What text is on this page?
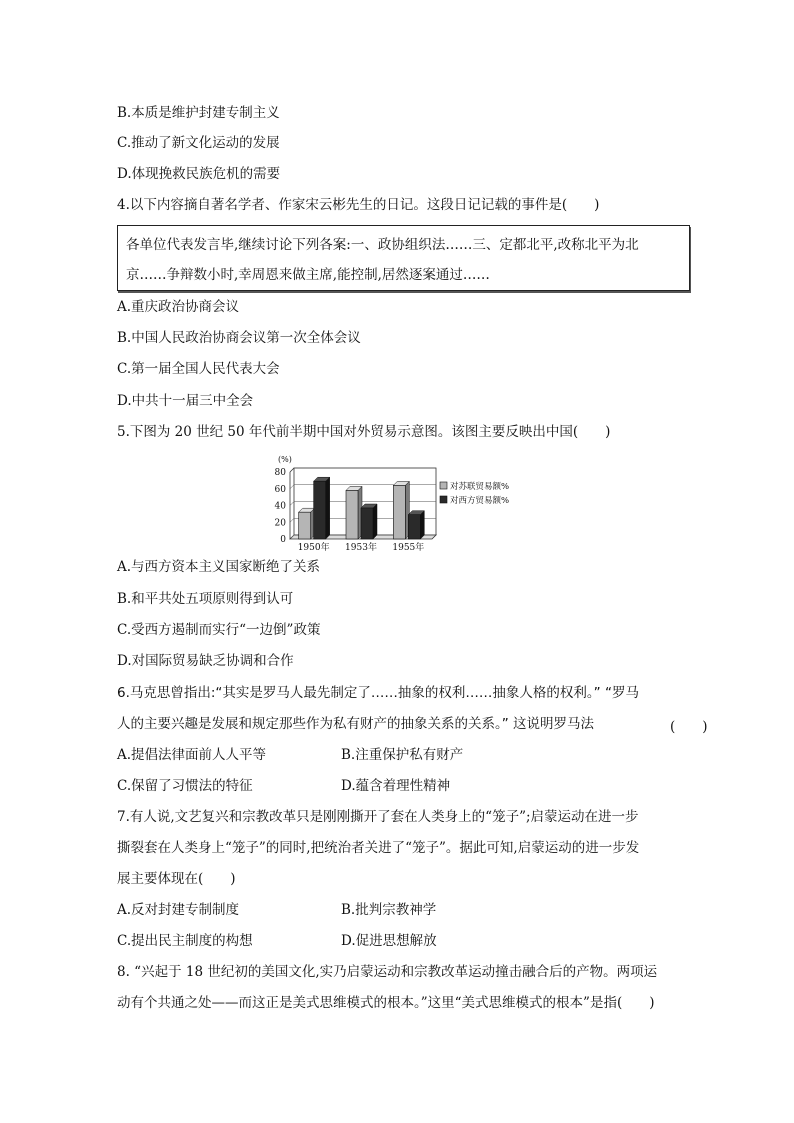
B.本质是维护封建专制主义
C.推动了新文化运动的发展
D.体现挽救民族危机的需要
4.以下内容摘自著名学者、作家宋云彬先生的日记。这段日记记载的事件是(　　)
各单位代表发言毕,继续讨论下列各案:一、政协组织法……三、定都北平,改称北平为北
京……争辩数小时,幸周恩来做主席,能控制,居然逐案通过……
A.重庆政治协商会议
B.中国人民政治协商会议第一次全体会议
C.第一届全国人民代表大会
D.中共十一届三中全会
5.下图为 20 世纪 50 年代前半期中国对外贸易示意图。该图主要反映出中国(　　)
0
20
40
60
80
(%)
1950年 1953年 1955年
对苏联贸易额%
对西方贸易额%
A.与西方资本主义国家断绝了关系
B.和平共处五项原则得到认可
C.受西方遏制而实行“一边倒”政策
D.对国际贸易缺乏协调和合作
6.马克思曾指出:“其实是罗马人最先制定了……抽象的权利……抽象人格的权利。” “罗马
人的主要兴趣是发展和规定那些作为私有财产的抽象关系的关系。” 这说明罗马法	(　　)
A.提倡法律面前人人平等	B.注重保护私有财产
C.保留了习惯法的特征	D.蕴含着理性精神
7.有人说,文艺复兴和宗教改革只是刚刚撕开了套在人类身上的“笼子”;启蒙运动在进一步
撕裂套在人类身上“笼子”的同时,把统治者关进了“笼子”。据此可知,启蒙运动的进一步发
展主要体现在(　　)
A.反对封建专制制度	B.批判宗教神学
C.提出民主制度的构想	D.促进思想解放
8. “兴起于 18 世纪初的美国文化,实乃启蒙运动和宗教改革运动撞击融合后的产物。两项运
动有个共通之处——而这正是美式思维模式的根本。”这里“美式思维模式的根本”是指(　　)
